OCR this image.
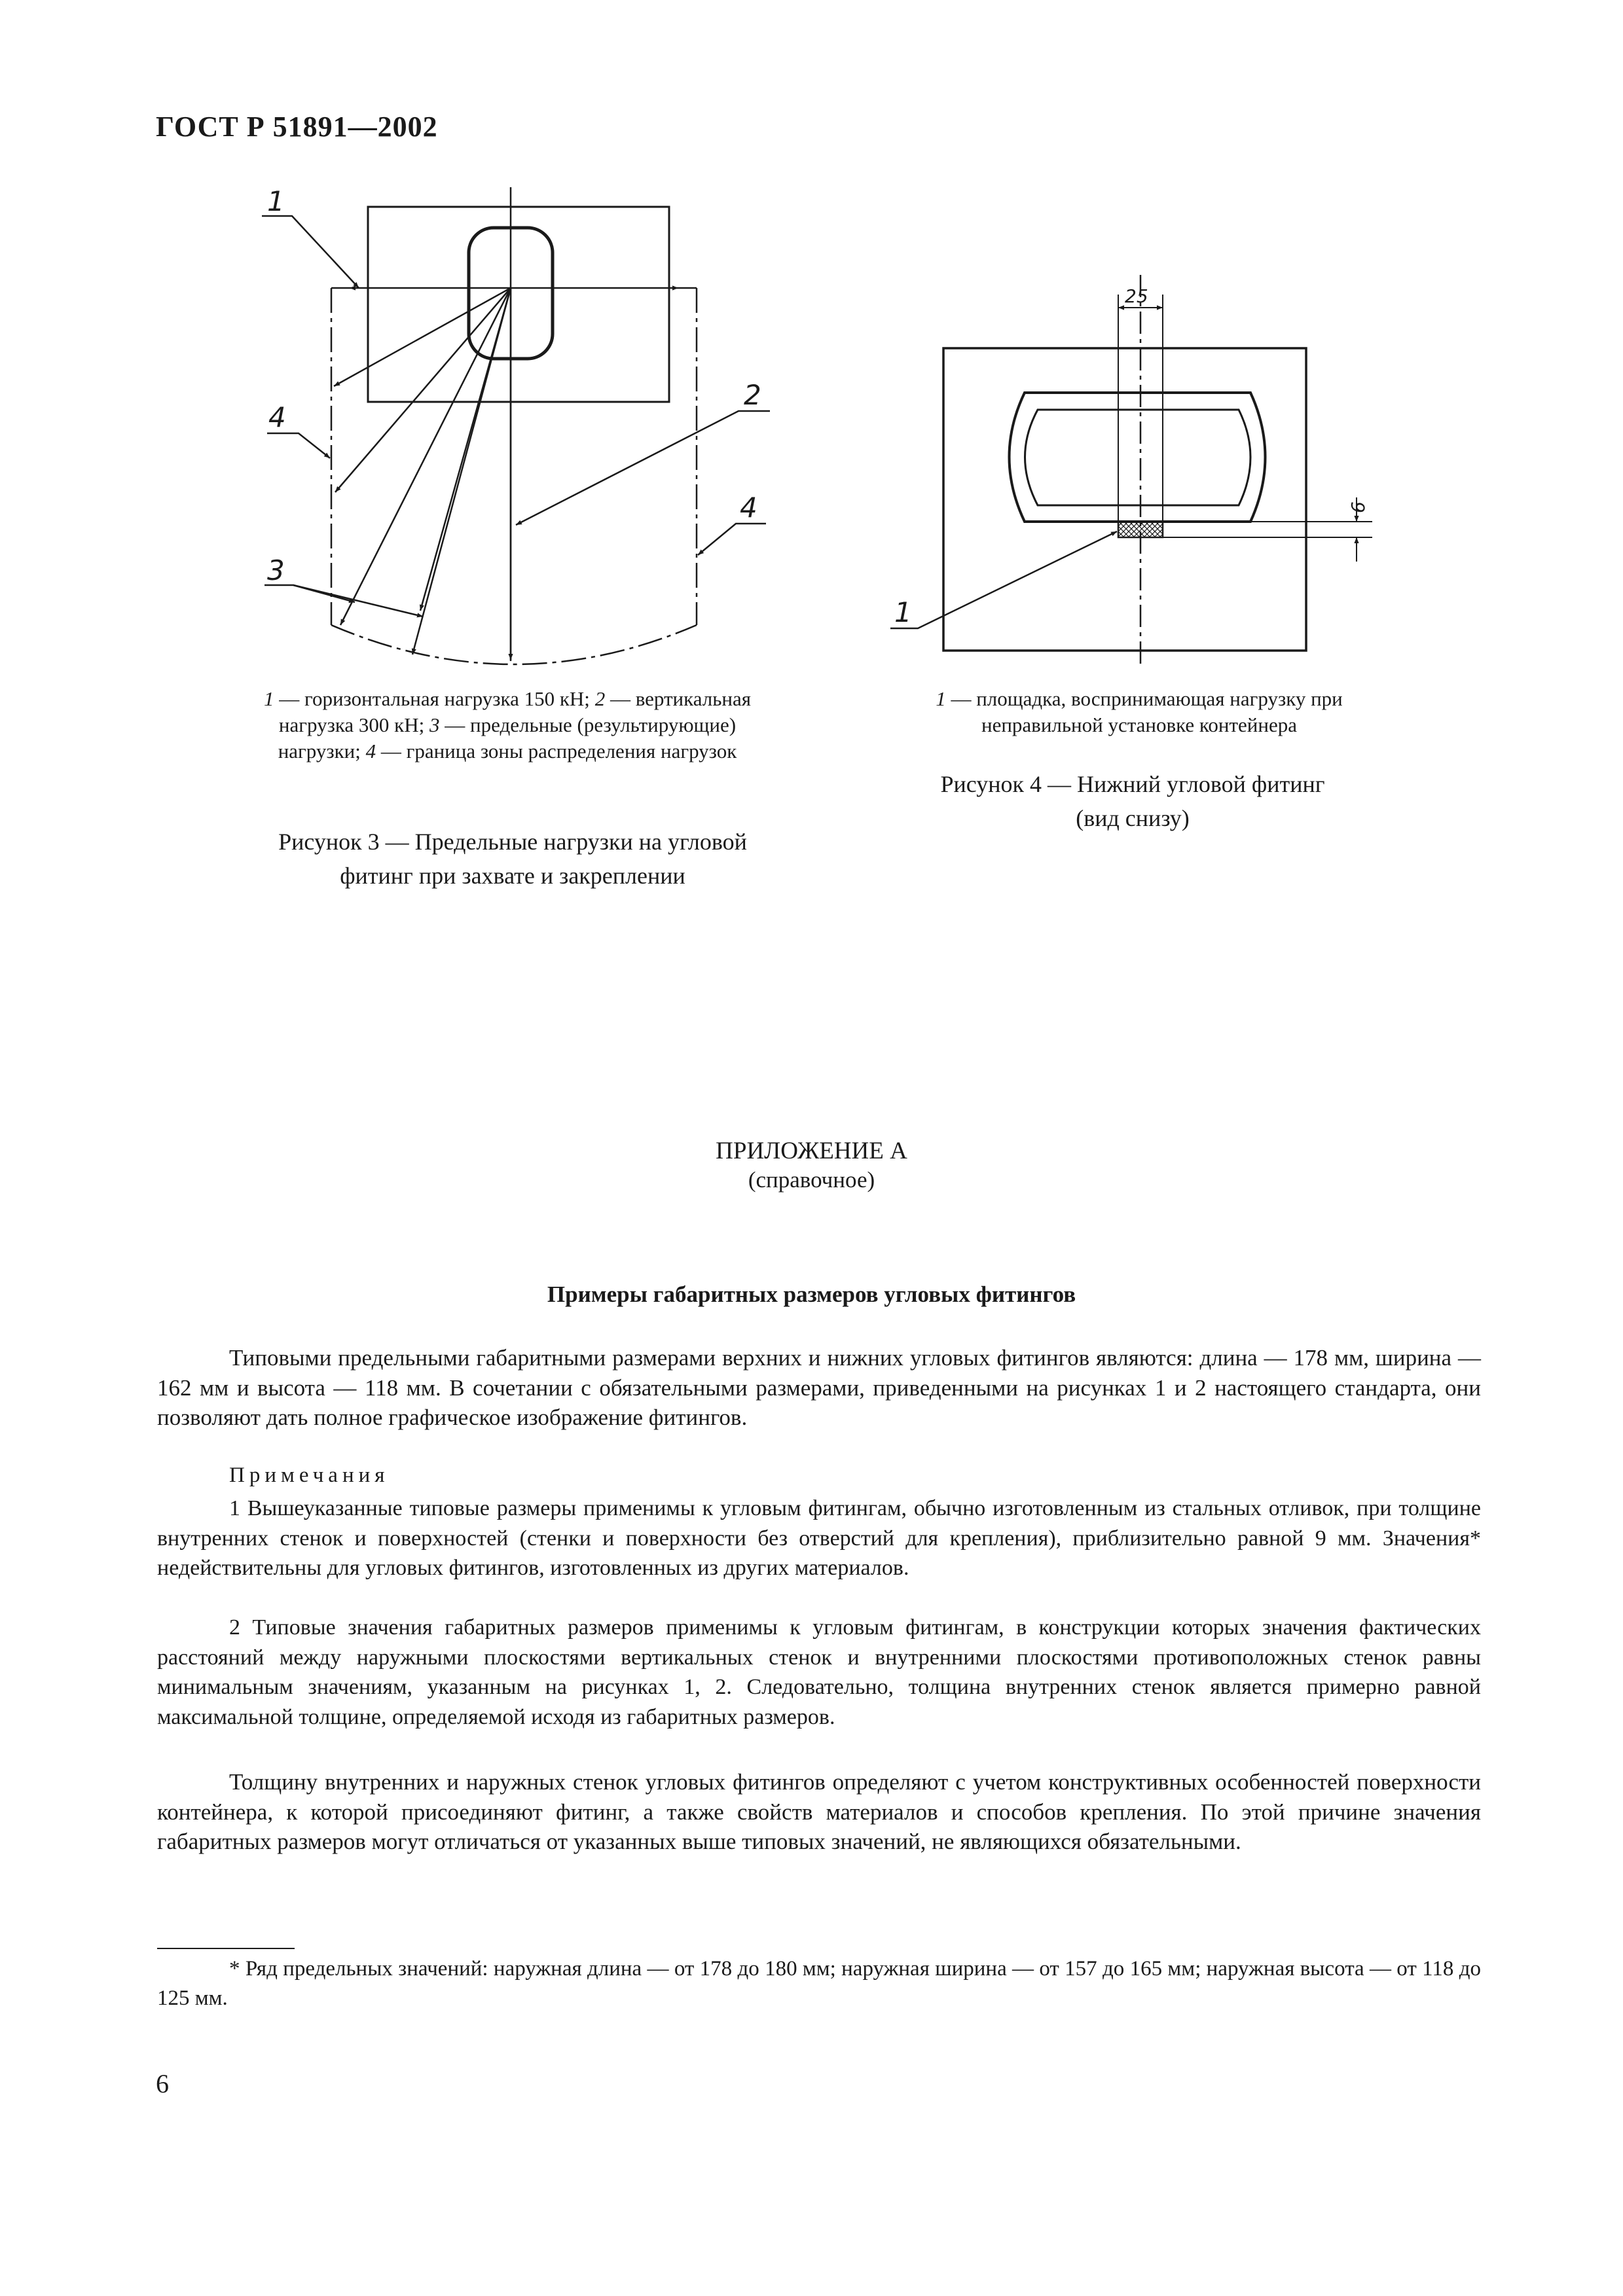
ГОСТ Р 51891—2002
1
2
3
4
4
1
25
6
1 — горизонтальная нагрузка 150 кН; 2 — вертикальная нагрузка 300 кН; 3 — предельные (результирующие) нагрузки; 4 — граница зоны распределения нагрузок
Рисунок 3 — Предельные нагрузки на угловой фитинг при захвате и закреплении
1 — площадка, воспринимающая нагрузку при неправильной установке контейнера
Рисунок 4 — Нижний угловой фитинг
(вид снизу)
ПРИЛОЖЕНИЕ А
(справочное)
Примеры габаритных размеров угловых фитингов

Типовыми предельными габаритными размерами верхних и нижних угловых фитингов являются: длина — 178 мм, ширина — 162 мм и высота — 118 мм. В сочетании с обязательными размерами, приведенными на рисунках 1 и 2 настоящего стандарта, они позволяют дать полное графическое изображение фитингов.

Примечания

1 Вышеуказанные типовые размеры применимы к угловым фитингам, обычно изготовленным из стальных отливок, при толщине внутренних стенок и поверхностей (стенки и поверхности без отверстий для крепления), приблизительно равной 9 мм. Значения* недействительны для угловых фитингов, изготовленных из других материалов.

2 Типовые значения габаритных размеров применимы к угловым фитингам, в конструкции которых значения фактических расстояний между наружными плоскостями вертикальных стенок и внутренними плоскостями противоположных стенок равны минимальным значениям, указанным на рисунках 1, 2. Следовательно, толщина внутренних стенок является примерно равной максимальной толщине, определяемой исходя из габаритных размеров.

Толщину внутренних и наружных стенок угловых фитингов определяют с учетом конструктивных особенностей поверхности контейнера, к которой присоединяют фитинг, а также свойств материалов и способов крепления. По этой причине значения габаритных размеров могут отличаться от указанных выше типовых значений, не являющихся обязательными.

* Ряд предельных значений: наружная длина — от 178 до 180 мм; наружная ширина — от 157 до 165 мм; наружная высота — от 118 до 125 мм.

6
